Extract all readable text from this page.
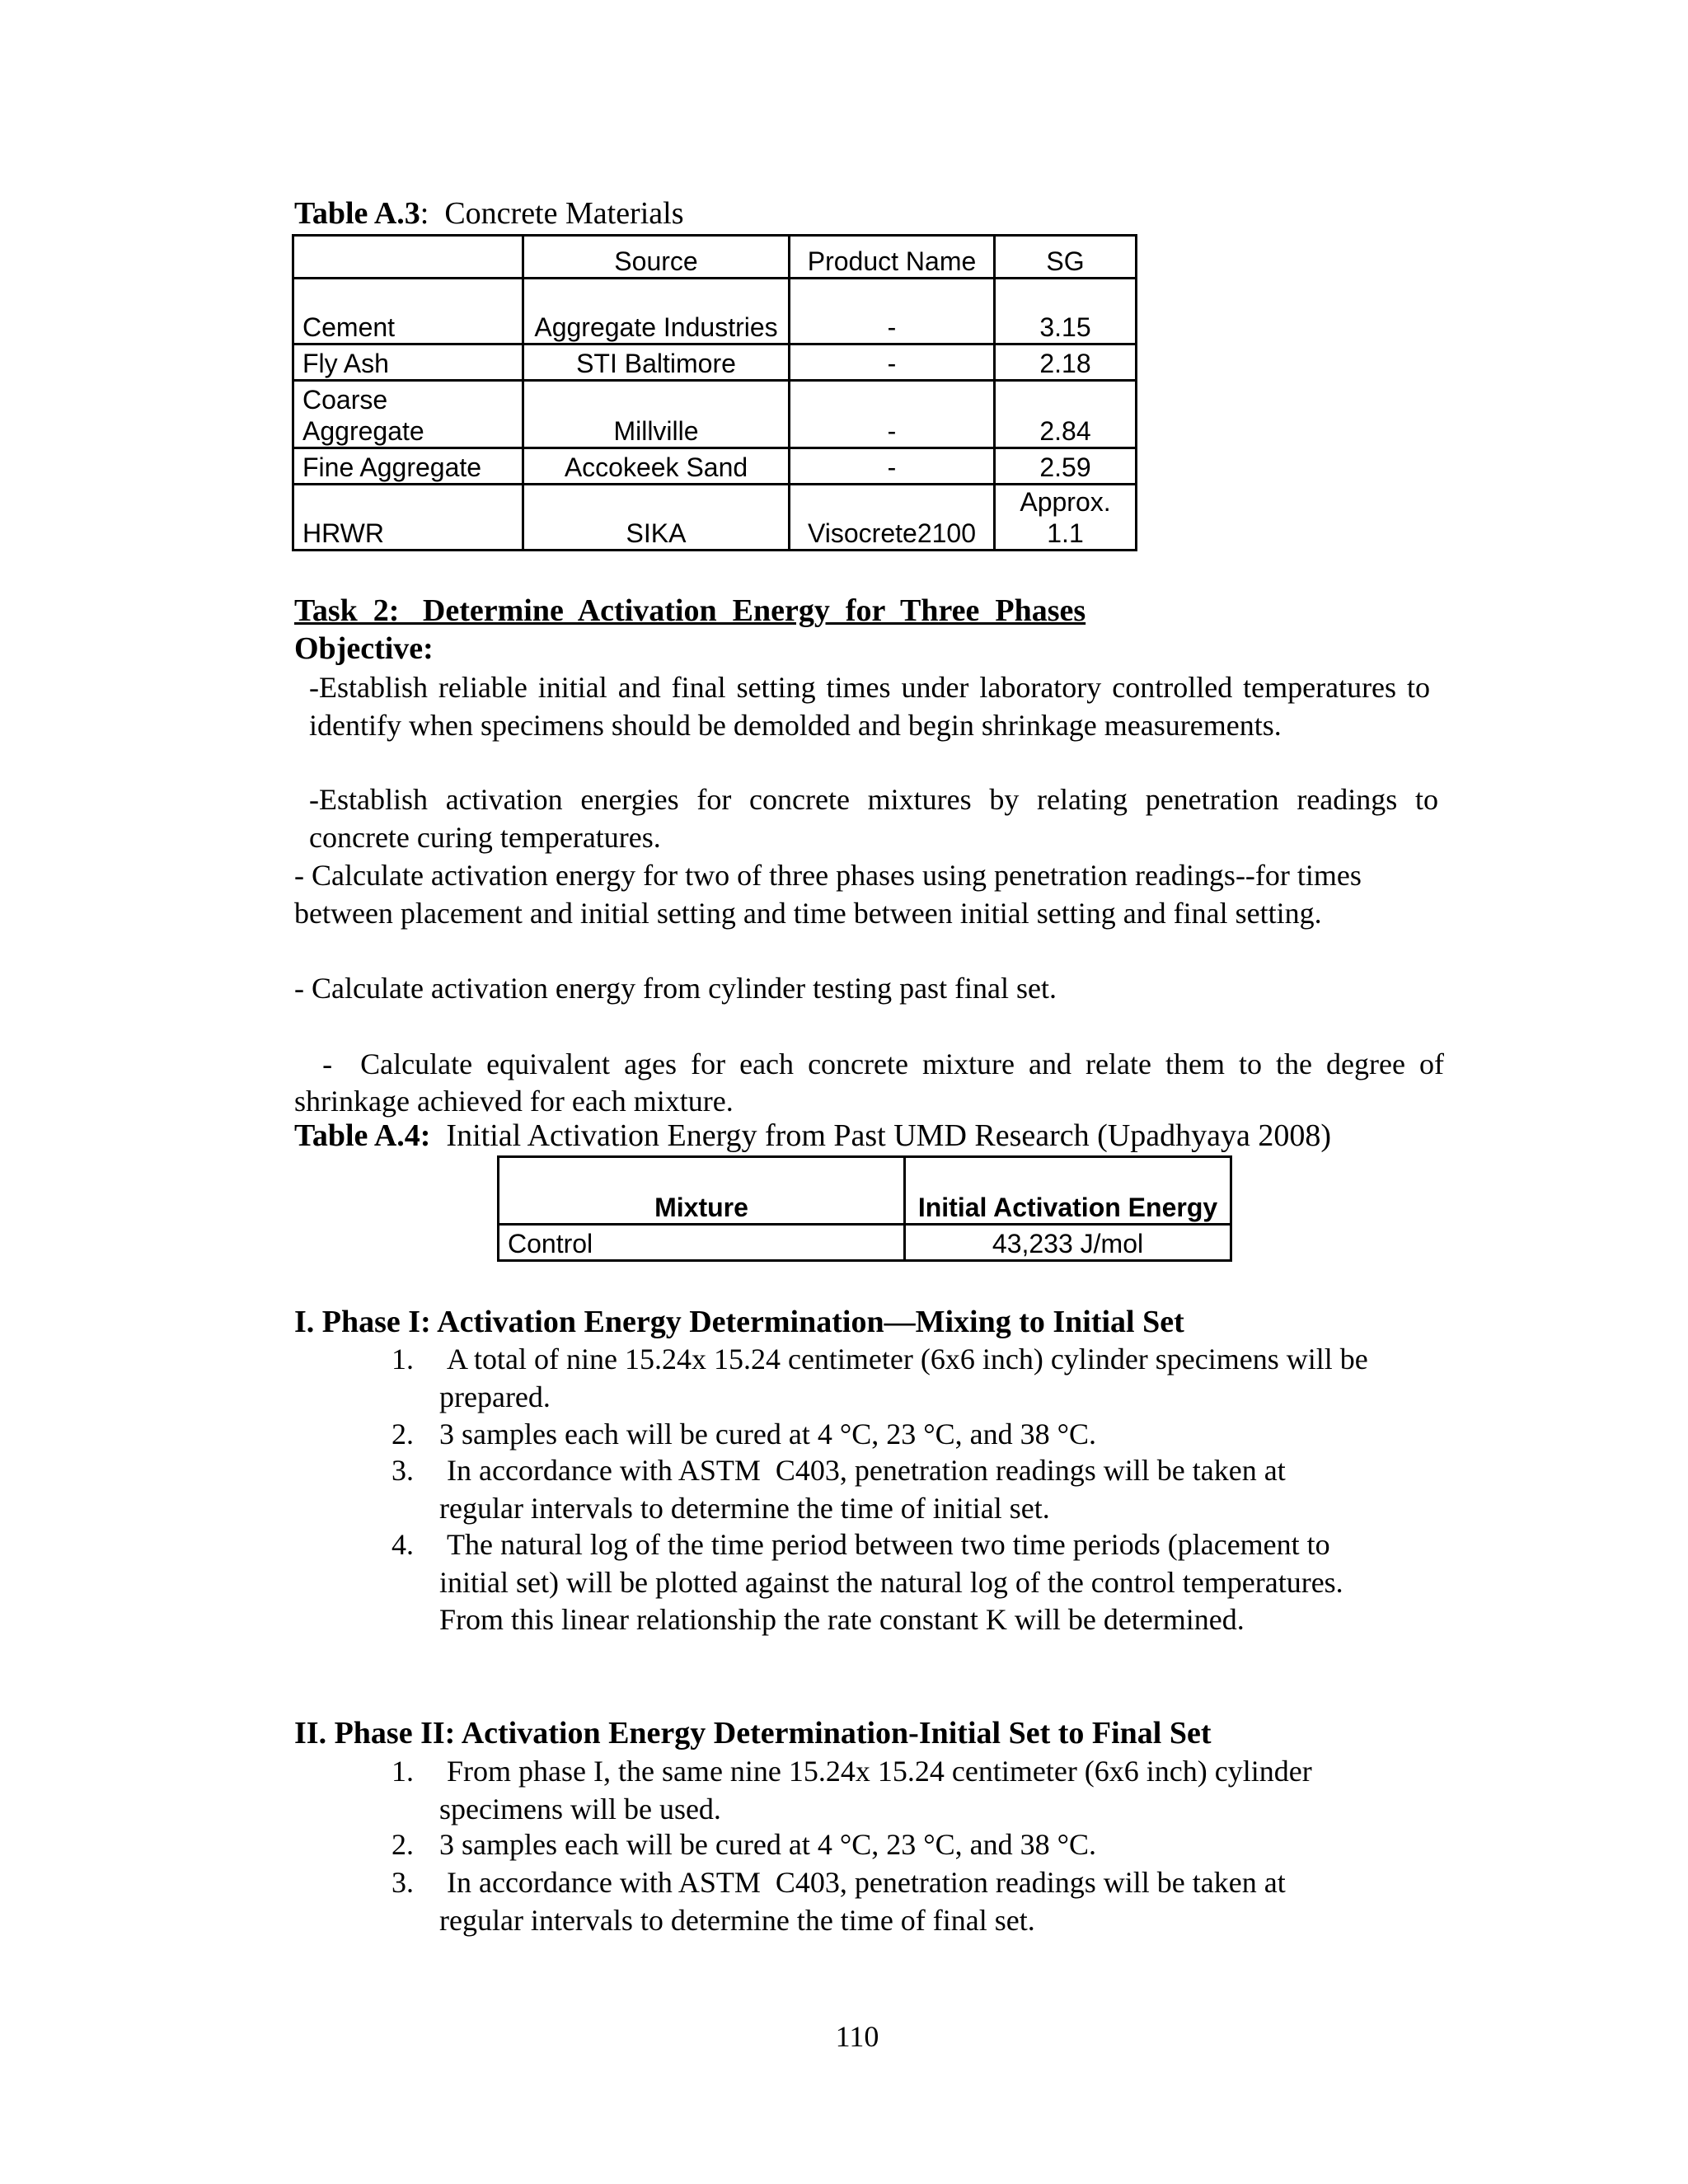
Table A.3:  Concrete Materials
	Source	Product Name	SG
Cement	Aggregate Industries	-	3.15
Fly Ash	STI Baltimore	-	2.18
Coarse Aggregate	Millville	-	2.84
Fine Aggregate	Accokeek Sand	-	2.59
HRWR	SIKA	Visocrete2100	Approx. 1.1
Task  2:   Determine  Activation  Energy  for  Three  Phases
Objective:
-Establish reliable initial and final setting times under laboratory controlled temperatures to identify when specimens should be demolded and begin shrinkage measurements.
-Establish activation energies for concrete mixtures by relating penetration readings to concrete curing temperatures.
- Calculate activation energy for two of three phases using penetration readings--for times between placement and initial setting and time between initial setting and final setting.
- Calculate activation energy from cylinder testing past final set.

-  Calculate equivalent ages for each concrete mixture and relate them to the degree of shrinkage achieved for each mixture.

Table A.4:  Initial Activation Energy from Past UMD Research (Upadhyaya 2008)
Mixture	Initial Activation Energy
Control	43,233 J/mol
I. Phase I: Activation Energy Determination—Mixing to Initial Set
1. A total of nine 15.24x 15.24 centimeter (6x6 inch) cylinder specimens will be prepared.
2. 3 samples each will be cured at 4 °C, 23 °C, and 38 °C.
3. In accordance with ASTM  C403, penetration readings will be taken at regular intervals to determine the time of initial set.
4. The natural log of the time period between two time periods (placement to initial set) will be plotted against the natural log of the control temperatures.  From this linear relationship the rate constant K will be determined.
II. Phase II: Activation Energy Determination-Initial Set to Final Set
1. From phase I, the same nine 15.24x 15.24 centimeter (6x6 inch) cylinder specimens will be used.
2. 3 samples each will be cured at 4 °C, 23 °C, and 38 °C.
3. In accordance with ASTM  C403, penetration readings will be taken at regular intervals to determine the time of final set.
110
